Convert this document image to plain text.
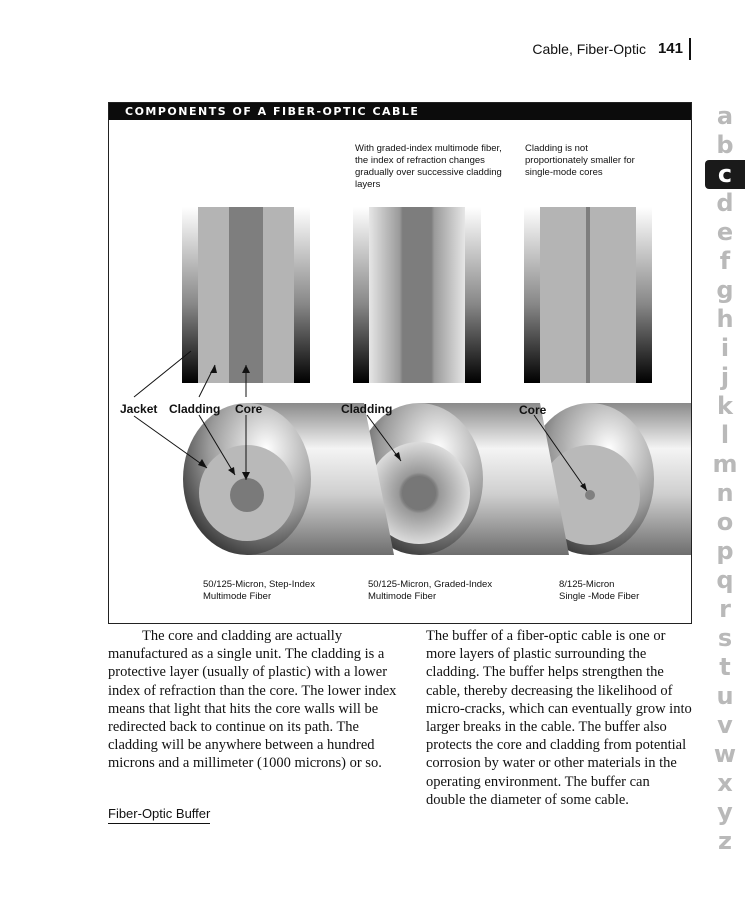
Cable, Fiber-Optic 141
a
b
c
d
e
f
g
h
i
j
k
l
m
n
o
p
q
r
s
t
u
v
w
x
y
z
COMPONENTS OF A FIBER-OPTIC CABLE
With graded-index multimode fiber, the index of refraction changes gradually over successive cladding layers
Cladding is not proportionately smaller for single-mode cores
Jacket Cladding Core	Cladding	Core
50/125-Micron, Step-Index
Multimode Fiber
50/125-Micron, Graded-Index
Multimode Fiber
8/125-Micron
Single -Mode Fiber

The core and cladding are actually manufactured as a single unit. The cladding is a protective layer (usually of plastic) with a lower index of refraction than the core. The lower index means that light that hits the core walls will be redirected back to continue on its path. The cladding will be anywhere between a hundred microns and a millimeter (1000 microns) or so.

Fiber-Optic Buffer

The buffer of a fiber-optic cable is one or more layers of plastic surrounding the cladding. The buffer helps strengthen the cable, thereby decreasing the likelihood of micro-cracks, which can eventually grow into larger breaks in the cable. The buffer also protects the core and cladding from potential corrosion by water or other materials in the operating environment. The buffer can double the diameter of some cable.
